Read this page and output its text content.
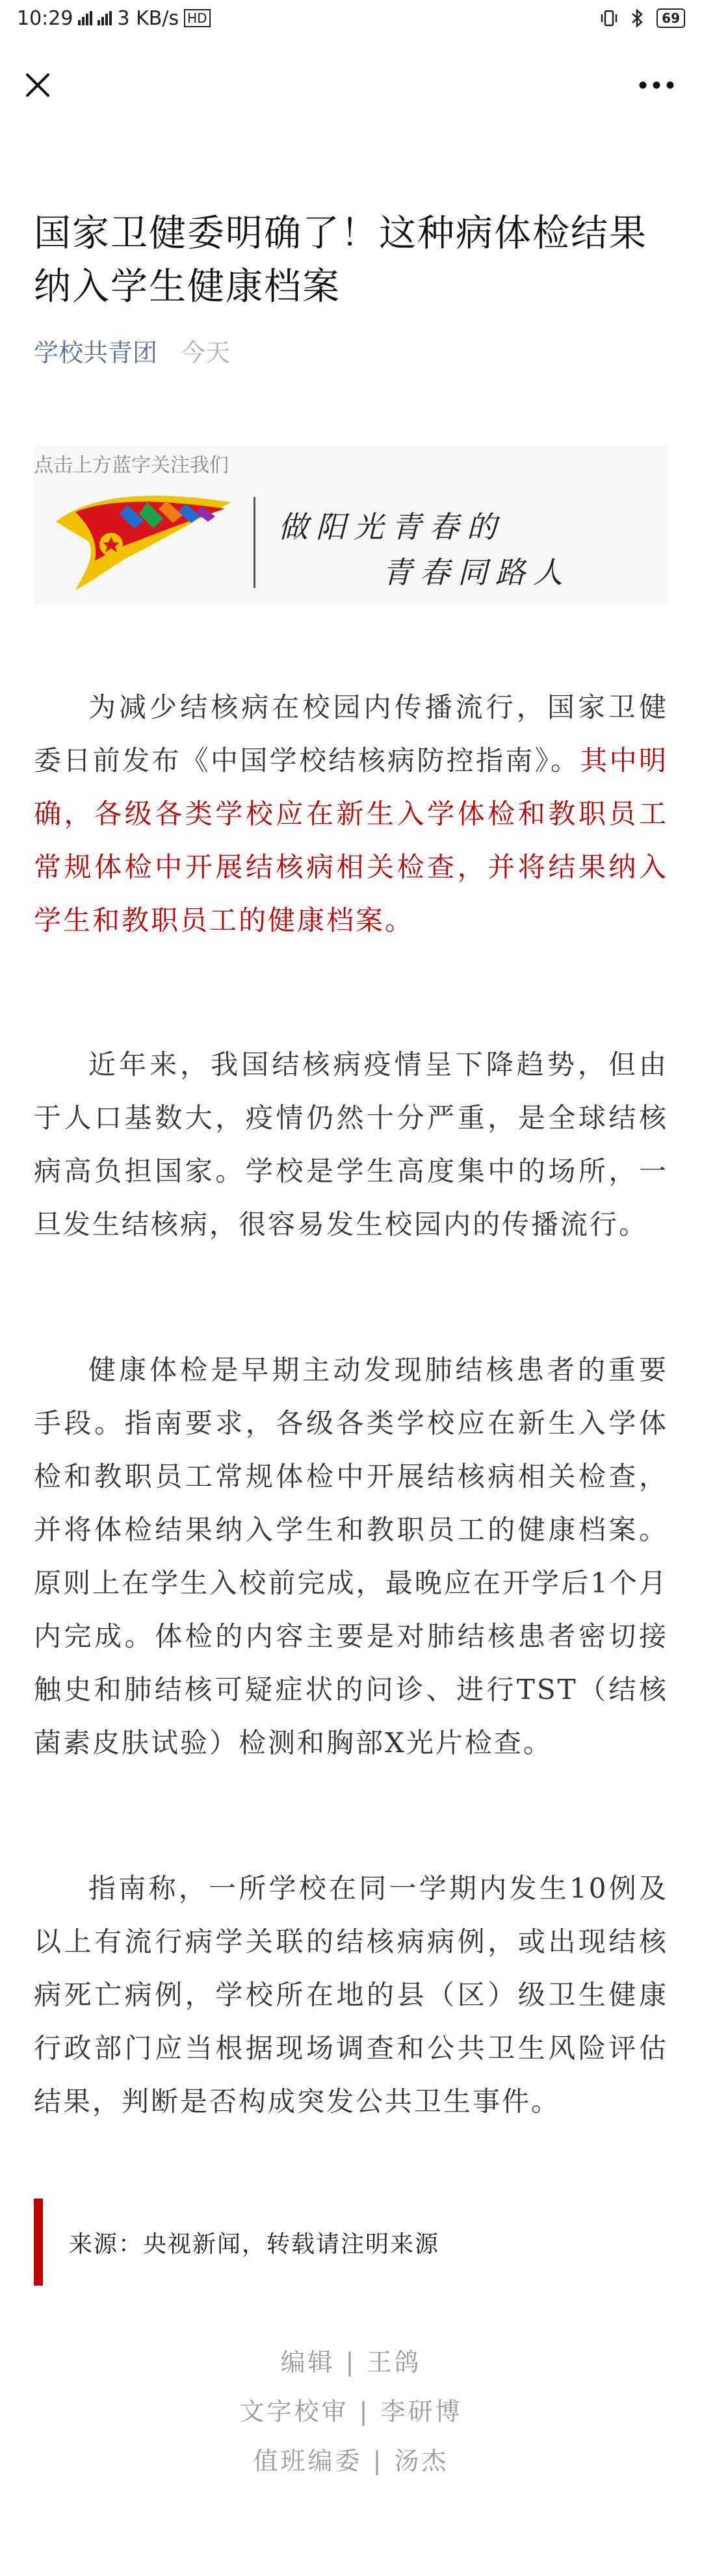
10:29 3 KB/s HD	69
国家卫健委明确了！这种病体检结果纳入学生健康档案
学校共青团 今天
点击上方蓝字关注我们
做阳光青春的
青春同路人

为减少结核病在校园内传播流行，国家卫健委日前发布《中国学校结核病防控指南》。其中明确，各级各类学校应在新生入学体检和教职员工常规体检中开展结核病相关检查，并将结果纳入学生和教职员工的健康档案。

近年来，我国结核病疫情呈下降趋势，但由于人口基数大，疫情仍然十分严重，是全球结核病高负担国家。学校是学生高度集中的场所，一旦发生结核病，很容易发生校园内的传播流行。

健康体检是早期主动发现肺结核患者的重要手段。指南要求，各级各类学校应在新生入学体检和教职员工常规体检中开展结核病相关检查，并将体检结果纳入学生和教职员工的健康档案。原则上在学生入校前完成，最晚应在开学后1个月内完成。体检的内容主要是对肺结核患者密切接触史和肺结核可疑症状的问诊、进行TST（结核菌素皮肤试验）检测和胸部X光片检查。

指南称，一所学校在同一学期内发生10例及以上有流行病学关联的结核病病例，或出现结核病死亡病例，学校所在地的县（区）级卫生健康行政部门应当根据现场调查和公共卫生风险评估结果，判断是否构成突发公共卫生事件。

来源：央视新闻，转载请注明来源
编辑 | 王鸽
文字校审 | 李研博
值班编委 | 汤杰
